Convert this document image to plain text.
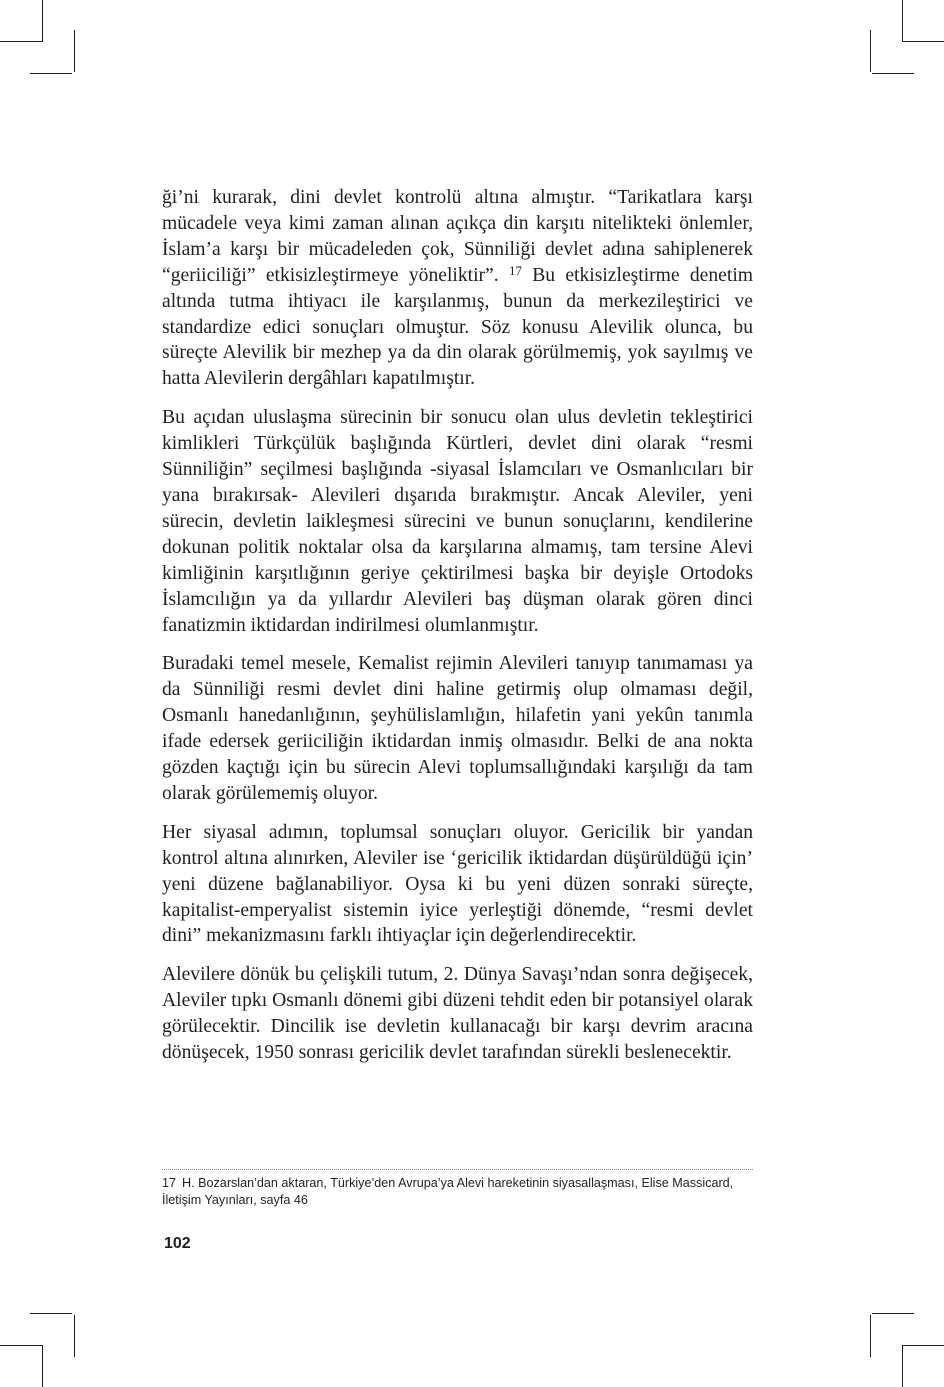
ği’ni kurarak, dini devlet kontrolü altına almıştır. “Tarikatlara karşı mücadele veya kimi zaman alınan açıkça din karşıtı nitelikteki önlemler, İslam’a karşı bir mücadeleden çok, Sünniliği devlet adına sahiplenerek “geriiciliği” etkisizleştirmeye yöneliktir”. $^{17}$ Bu etkisizleştirme denetim altında tutma ihtiyacı ile karşılanmış, bunun da merkezileştirici ve standardize edici sonuçları olmuştur. Söz konusu Alevilik olunca, bu süreçte Alevilik bir mezhep ya da din olarak görülmemiş, yok sayılmış ve hatta Alevilerin dergâhları kapatılmıştır.

Bu açıdan uluslaşma sürecinin bir sonucu olan ulus devletin tekleştirici kimlikleri Türkçülük başlığında Kürtleri, devlet dini olarak “resmi Sünniliğin” seçilmesi başlığında -siyasal İslamcıları ve Osmanlıcıları bir yana bırakırsak- Alevileri dışarıda bırakmıştır. Ancak Aleviler, yeni sürecin, devletin laikleşmesi sürecini ve bunun sonuçlarını, kendilerine dokunan politik noktalar olsa da karşılarına almamış, tam tersine Alevi kimliğinin karşıtlığının geriye çektirilmesi başka bir deyişle Ortodoks İslamcılığın ya da yıllardır Alevileri baş düşman olarak gören dinci fanatizmin iktidardan indirilmesi olumlanmıştır.

Buradaki temel mesele, Kemalist rejimin Alevileri tanıyıp tanımaması ya da Sünniliği resmi devlet dini haline getirmiş olup olmaması değil, Osmanlı hanedanlığının, şeyhülislamlığın, hilafetin yani yekûn tanımla ifade edersek geriiciliğin iktidardan inmiş olmasıdır. Belki de ana nokta gözden kaçtığı için bu sürecin Alevi toplumsallığındaki karşılığı da tam olarak görülememiş oluyor.

Her siyasal adımın, toplumsal sonuçları oluyor. Gericilik bir yandan kontrol altına alınırken, Aleviler ise ‘gericilik iktidardan düşürüldüğü için’ yeni düzene bağlanabiliyor. Oysa ki bu yeni düzen sonraki süreçte, kapitalist-emperyalist sistemin iyice yerleştiği dönemde, “resmi devlet dini” mekanizmasını farklı ihtiyaçlar için değerlendirecektir.

Alevilere dönük bu çelişkili tutum, 2. Dünya Savaşı’ndan sonra değişecek, Aleviler tıpkı Osmanlı dönemi gibi düzeni tehdit eden bir potansiyel olarak görülecektir. Dincilik ise devletin kullanacağı bir karşı devrim aracına dönüşecek, 1950 sonrası gericilik devlet tarafından sürekli beslenecektir.

17 H. Bozarslan’dan aktaran, Türkiye’den Avrupa’ya Alevi hareketinin siyasallaşması, Elise Massicard, İletişim Yayınları, sayfa 46
102
